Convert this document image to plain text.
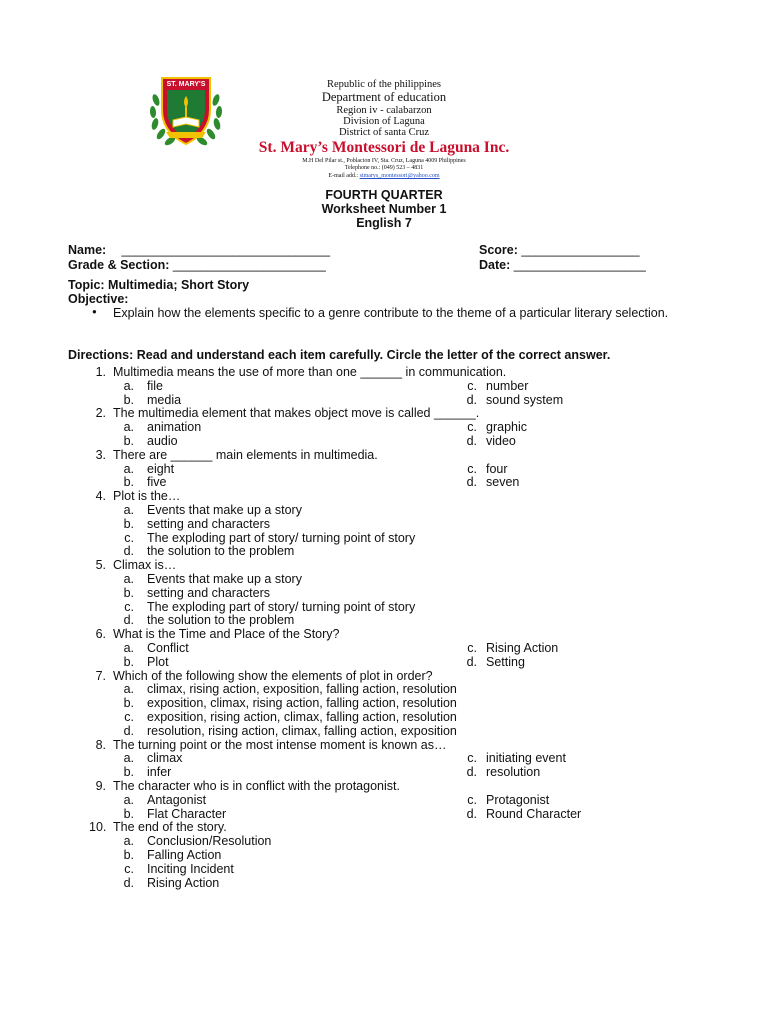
ST. MARY'S	Republic of the philippines
Department of education
Region iv - calabarzon
Division of Laguna
District of santa Cruz
St. Mary’s Montessori de Laguna Inc.
M.H Del Pilar st., Poblacion IV, Sta. Cruz, Laguna 4009 Philippines
Telephone no.: (049) 523 – 4831
E-mail add.: stmarys_montessori@yahoo.com
FOURTH QUARTER
Worksheet Number 1
English 7
Name: ______________________________	Score: _________________
Grade & Section: ______________________	Date: ___________________
Topic: Multimedia; Short Story
Objective:
● Explain how the elements specific to a genre contribute to the theme of a particular literary selection.
Directions: Read and understand each item carefully. Circle the letter of the correct answer.
1. Multimedia means the use of more than one ______ in communication.
a. file	c. number
b. media	d. sound system
2. The multimedia element that makes object move is called ______.
a. animation	c. graphic
b. audio	d. video
3. There are ______ main elements in multimedia.
a. eight	c. four
b. five	d. seven
4. Plot is the…
a. Events that make up a story
b. setting and characters
c. The exploding part of story/ turning point of story
d. the solution to the problem
5. Climax is…
a. Events that make up a story
b. setting and characters
c. The exploding part of story/ turning point of story
d. the solution to the problem
6. What is the Time and Place of the Story?
a. Conflict	c. Rising Action
b. Plot	d. Setting
7. Which of the following show the elements of plot in order?
a. climax, rising action, exposition, falling action, resolution
b. exposition, climax, rising action, falling action, resolution
c. exposition, rising action, climax, falling action, resolution
d. resolution, rising action, climax, falling action, exposition
8. The turning point or the most intense moment is known as…
a. climax	c. initiating event
b. infer	d. resolution
9. The character who is in conflict with the protagonist.
a. Antagonist	c. Protagonist
b. Flat Character	d. Round Character
10. The end of the story.
a. Conclusion/Resolution
b. Falling Action
c. Inciting Incident
d. Rising Action
